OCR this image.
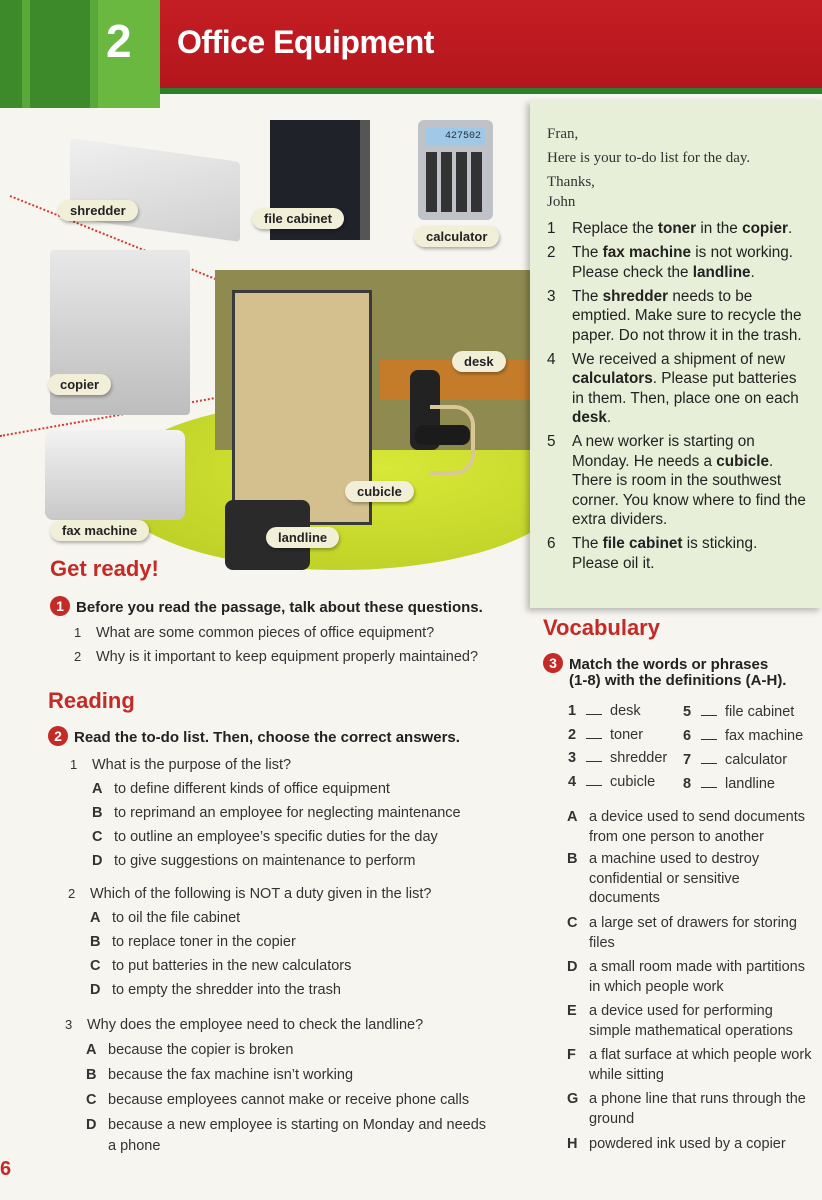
2 Office Equipment
427502
shredder
file cabinet
calculator
copier
desk
cubicle
fax machine	landline
Fran,
Here is your to-do list for the day.
Thanks,
John
1 Replace the toner in the copier.
2 The fax machine is not working. Please check the landline.
3 The shredder needs to be emptied. Make sure to recycle the paper. Do not throw it in the trash.
4 We received a shipment of new calculators. Please put batteries in them. Then, place one on each desk.
5 A new worker is starting on Monday. He needs a cubicle. There is room in the southwest corner. You know where to find the extra dividers.
6 The file cabinet is sticking. Please oil it.
Get ready!
1 Before you read the passage, talk about these questions.
1 What are some common pieces of office equipment?
2 Why is it important to keep equipment properly maintained?
Reading
2 Read the to-do list. Then, choose the correct answers.
1 What is the purpose of the list?
A to define different kinds of office equipment
B to reprimand an employee for neglecting maintenance
C to outline an employee’s specific duties for the day
D to give suggestions on maintenance to perform
2 Which of the following is NOT a duty given in the list?
A to oil the file cabinet
B to replace toner in the copier
C to put batteries in the new calculators
D to empty the shredder into the trash
3 Why does the employee need to check the landline?
A because the copier is broken
B because the fax machine isn’t working
C because employees cannot make or receive phone calls
D because a new employee is starting on Monday and needs
a phone
Vocabulary
3 Match the words or phrases
(1-8) with the definitions (A-H).
1 desk	5 file cabinet
2 toner	6 fax machine
3 shredder 7 calculator
4 cubicle 8 landline
A a device used to send documents from one person to another
B a machine used to destroy confidential or sensitive documents
C a large set of drawers for storing files
D a small room made with partitions in which people work
E a device used for performing simple mathematical operations
F a flat surface at which people work while sitting
G a phone line that runs through the ground
H powdered ink used by a copier
6
